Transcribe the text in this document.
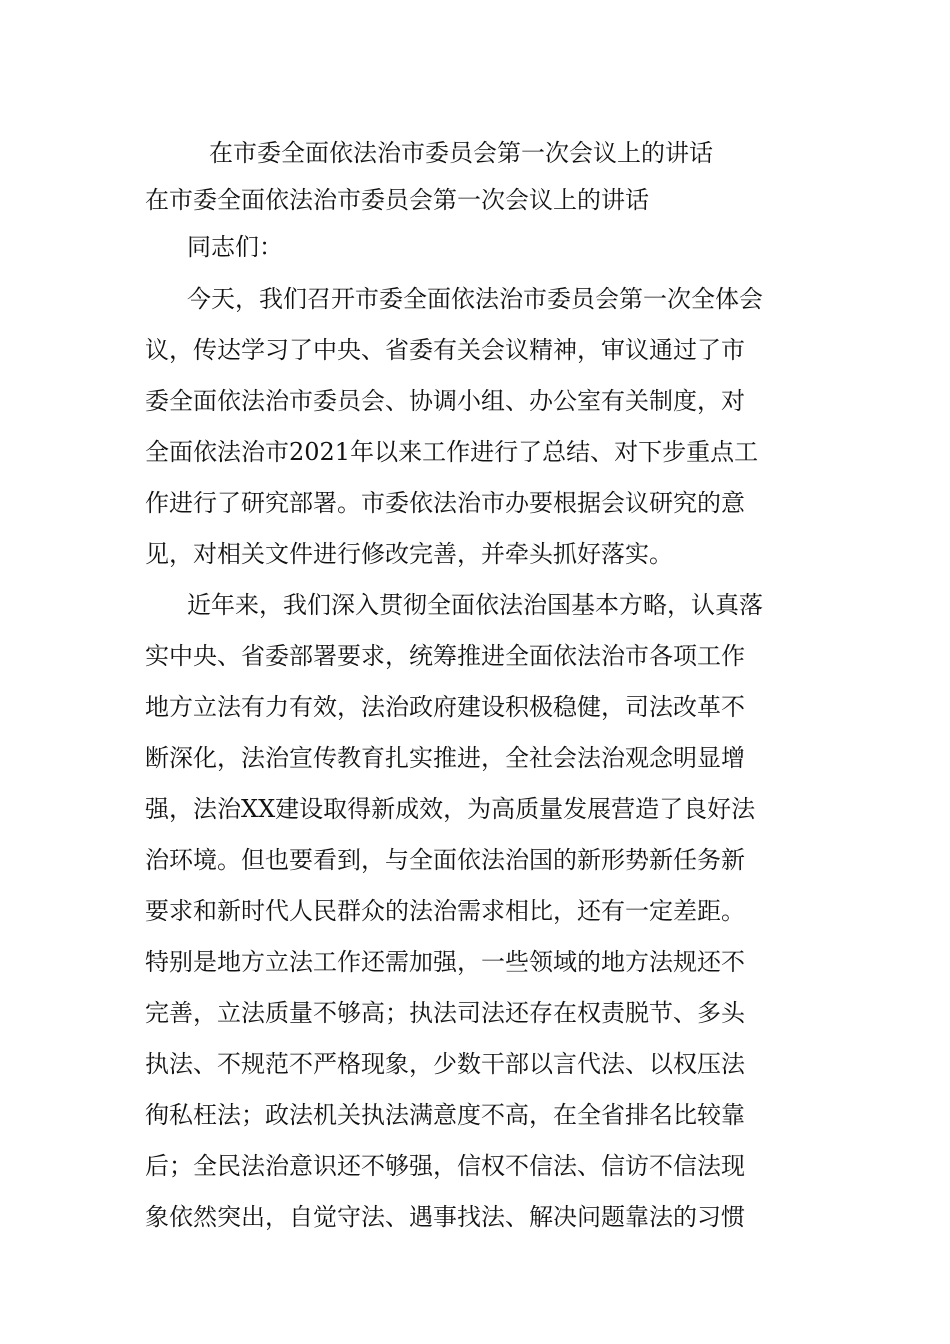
在市委全面依法治市委员会第一次会议上的讲话
在市委全面依法治市委员会第一次会议上的讲话
同志们：
今天，我们召开市委全面依法治市委员会第一次全体会
议，传达学习了中央、省委有关会议精神，审议通过了市
委全面依法治市委员会、协调小组、办公室有关制度，对
全面依法治市2021年以来工作进行了总结、对下步重点工
作进行了研究部署。市委依法治市办要根据会议研究的意
见，对相关文件进行修改完善，并牵头抓好落实。
近年来，我们深入贯彻全面依法治国基本方略，认真落
实中央、省委部署要求，统筹推进全面依法治市各项工作
地方立法有力有效，法治政府建设积极稳健，司法改革不
断深化，法治宣传教育扎实推进，全社会法治观念明显增
强，法治XX建设取得新成效，为高质量发展营造了良好法
治环境。但也要看到，与全面依法治国的新形势新任务新
要求和新时代人民群众的法治需求相比，还有一定差距。
特别是地方立法工作还需加强，一些领域的地方法规还不
完善，立法质量不够高；执法司法还存在权责脱节、多头
执法、不规范不严格现象，少数干部以言代法、以权压法
徇私枉法；政法机关执法满意度不高，在全省排名比较靠
后；全民法治意识还不够强，信权不信法、信访不信法现
象依然突出，自觉守法、遇事找法、解决问题靠法的习惯
